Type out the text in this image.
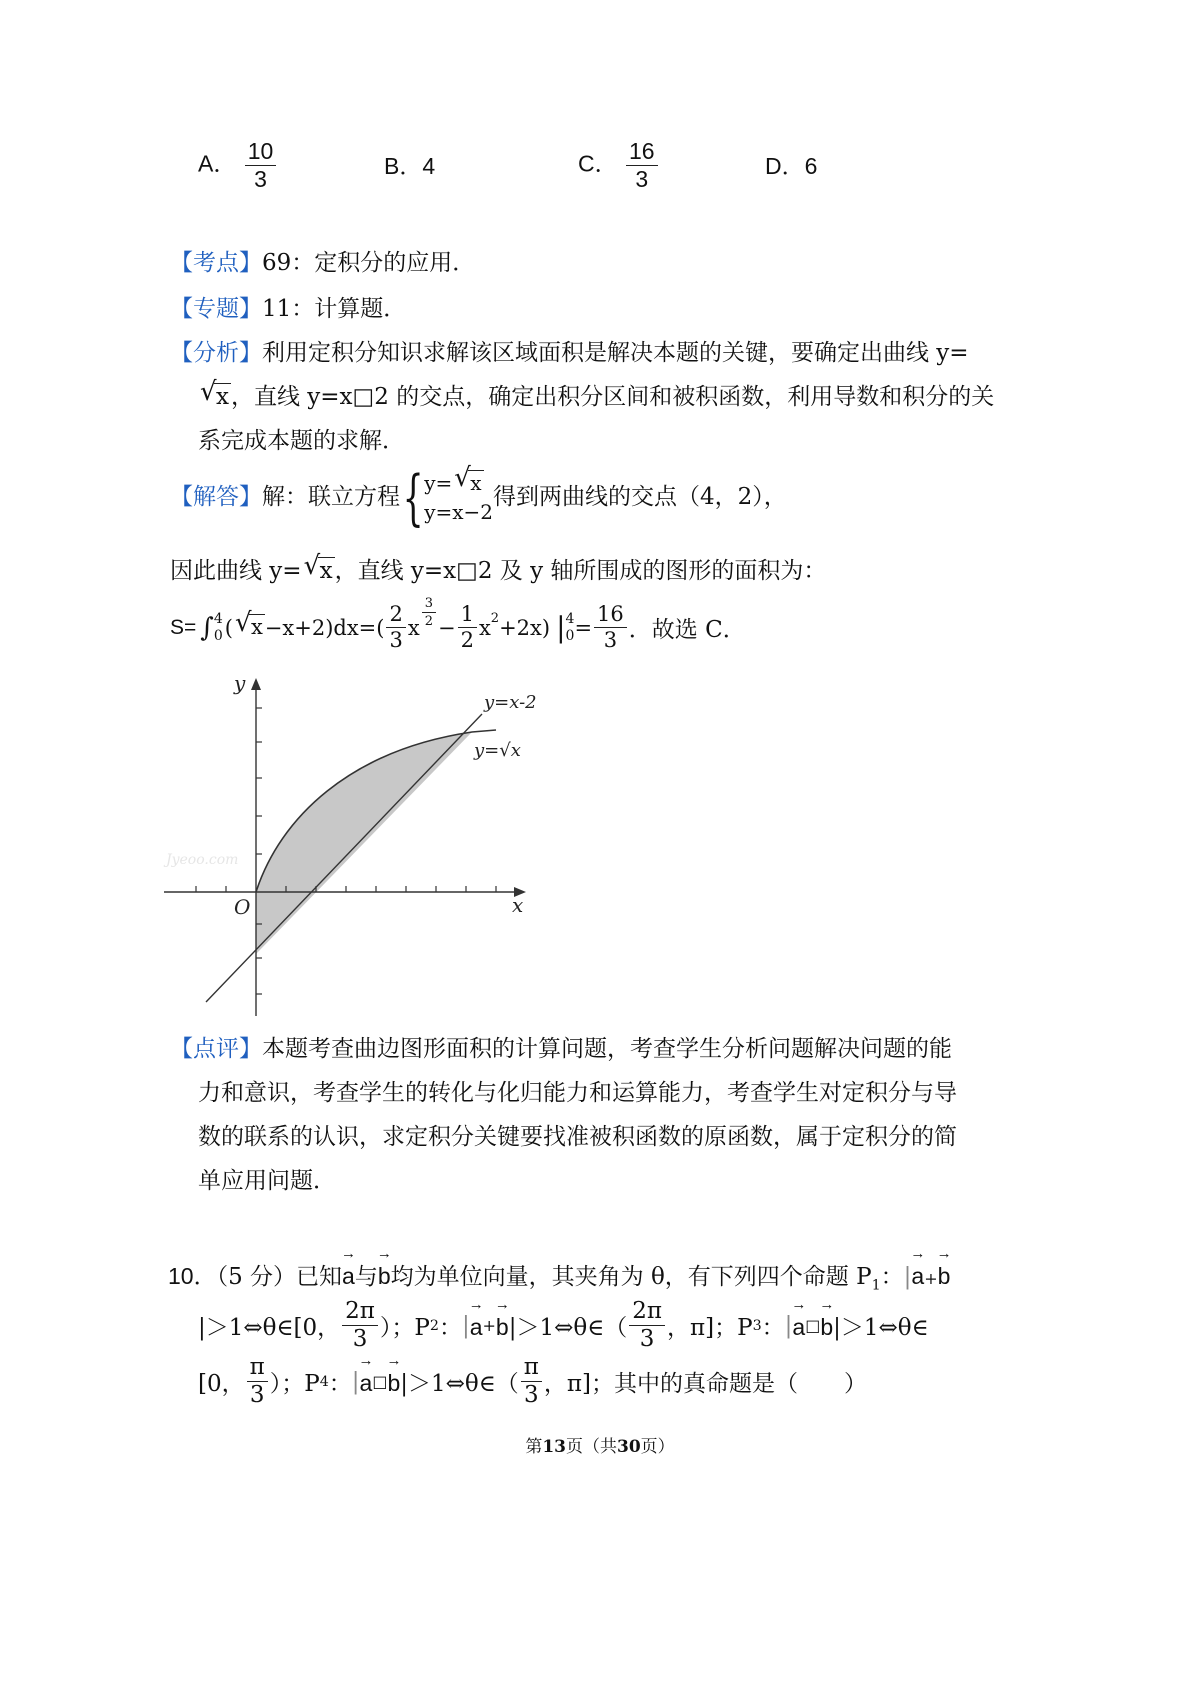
A． $\frac{10}{3}$	B．4	C． $\frac{16}{3}$	D．6
【考点】69：定积分的应用．
【专题】11：计算题．
【分析】利用定积分知识求解该区域面积是解决本题的关键，要确定出曲线 y=
√ x，直线 y=x□2 的交点，确定出积分区间和被积函数，利用导数和积分的关
系完成本题的求解．
【解答】解：联立方程 { y= √ x
y=x−2
得到两曲线的交点（4，2），
因此曲线 y= √ x，直线 y=x□2 及 y 轴所围成的图形的面积为：
S= ∫ 4
0 ( √ $x -x+2)dx=( \frac{2}{3}$ x $\frac{3}{2} - \frac{1}{2} x^2 +2x$) | 4
$0 = \frac{16}{3}$ ．故选 C．
Jyeoo.com
y
x
O
y=x-2
y=√x
【点评】本题考查曲边图形面积的计算问题，考查学生分析问题解决问题的能
力和意识，考查学生的转化与化归能力和运算能力，考查学生对定积分与导
数的联系的认识，求定积分关键要找准被积函数的原函数，属于定积分的简
单应用问题．
10．（5 分）已知
→
a与
→
b均为单位向量，其夹角为 θ，有下列四个命题 $P_1$：|
→
a+
→
b
|＞1⇔θ∈[0， $\frac{2\pi}{3}$ ）；P 2 ： |
→
a +
→
b |＞1⇔θ∈（ $\frac{2\pi}{3}$ ，π]；P 3 ： |
→
a □
→
b |＞1⇔θ∈
[0， $\frac{\pi}{3}$ ）；P 4 ： |
→
a □
→
b |＞1⇔θ∈（ $\frac{\pi}{3}$ ，π]；其中的真命题是（　　）
第13页（共30页）
